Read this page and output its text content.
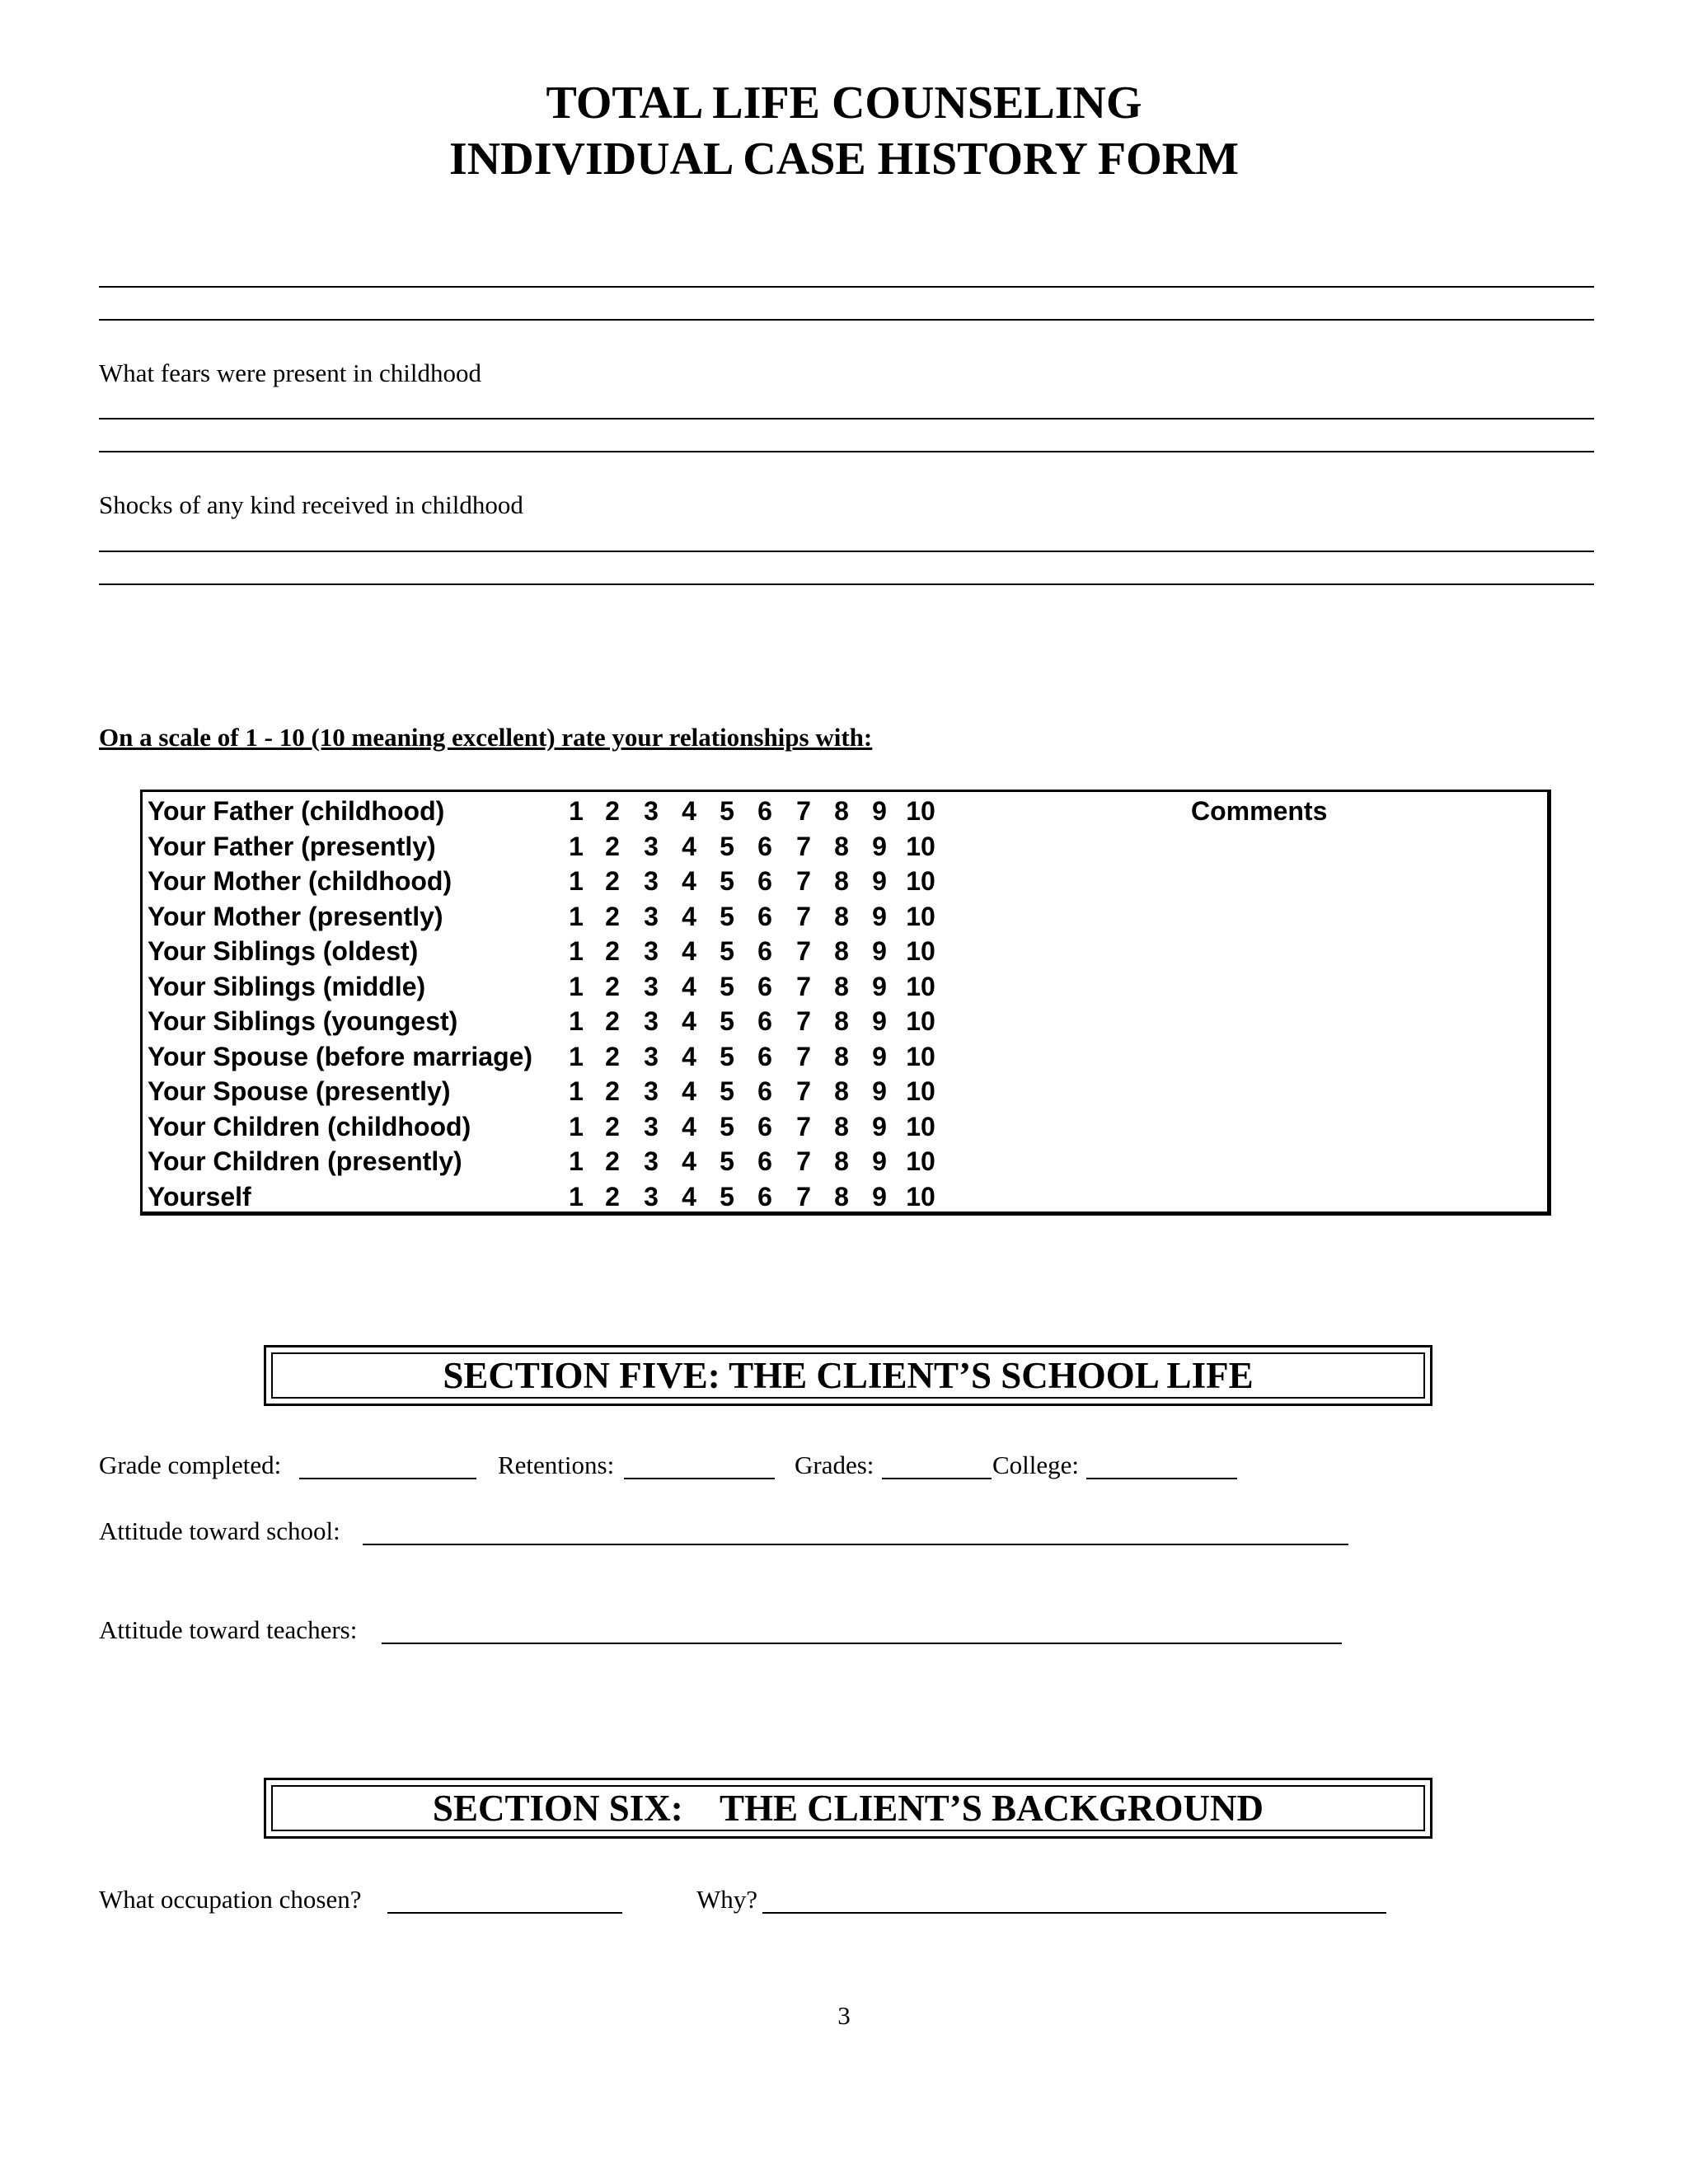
TOTAL LIFE COUNSELING
INDIVIDUAL CASE HISTORY FORM
What fears were present in childhood
Shocks of any kind received in childhood
On a scale of 1 - 10 (10 meaning excellent) rate your relationships with:
Comments
Your Father (childhood)	1 2 3 4 5 6 7 8 9 10
Your Father (presently)	1 2 3 4 5 6 7 8 9 10
Your Mother (childhood)	1 2 3 4 5 6 7 8 9 10
Your Mother (presently)	1 2 3 4 5 6 7 8 9 10
Your Siblings (oldest)	1 2 3 4 5 6 7 8 9 10
Your Siblings (middle)	1 2 3 4 5 6 7 8 9 10
Your Siblings (youngest)	1 2 3 4 5 6 7 8 9 10
Your Spouse (before marriage)	1 2 3 4 5 6 7 8 9 10
Your Spouse (presently)	1 2 3 4 5 6 7 8 9 10
Your Children (childhood)	1 2 3 4 5 6 7 8 9 10
Your Children (presently)	1 2 3 4 5 6 7 8 9 10
Yourself	1 2 3 4 5 6 7 8 9 10
SECTION FIVE: THE CLIENT’S SCHOOL LIFE
Grade completed:	Retentions:	Grades:	College:
Attitude toward school:
Attitude toward teachers:
SECTION SIX:    THE CLIENT’S BACKGROUND
What occupation chosen?	Why?
3
